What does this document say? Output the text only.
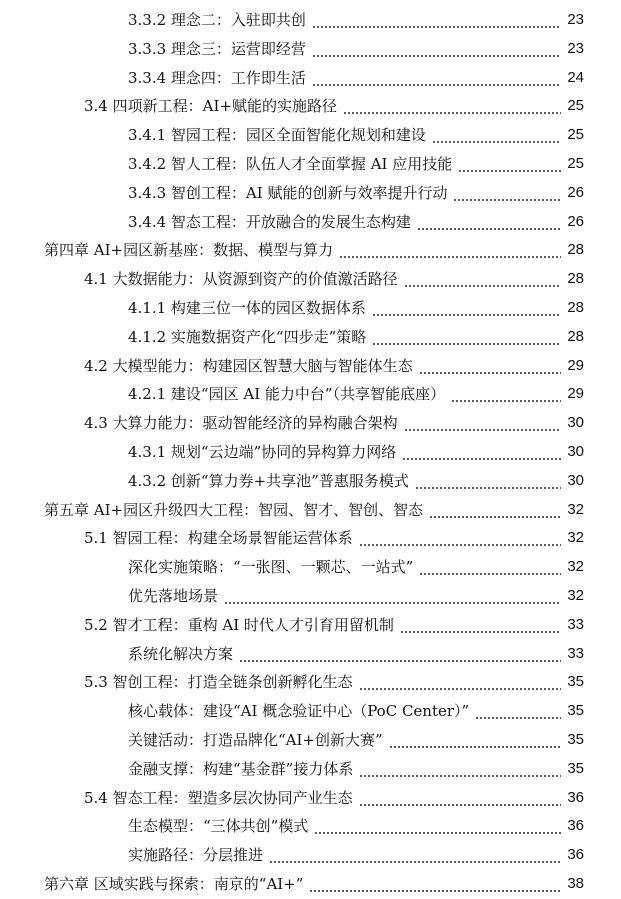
3.3.2 理念二：入驻即共创	23
3.3.3 理念三：运营即经营	23
3.3.4 理念四：工作即生活	24
3.4 四项新工程：AI+赋能的实施路径	25
3.4.1 智园工程：园区全面智能化规划和建设	25
3.4.2 智人工程：队伍人才全面掌握 AI 应用技能	25
3.4.3 智创工程：AI 赋能的创新与效率提升行动	26
3.4.4 智态工程：开放融合的发展生态构建	26
第四章 AI+园区新基座：数据、模型与算力	28
4.1 大数据能力：从资源到资产的价值激活路径	28
4.1.1 构建三位一体的园区数据体系	28
4.1.2 实施数据资产化“四步走”策略	28
4.2 大模型能力：构建园区智慧大脑与智能体生态	29
4.2.1 建设“园区 AI 能力中台”（共享智能底座）	29
4.3 大算力能力：驱动智能经济的异构融合架构	30
4.3.1 规划“云边端”协同的异构算力网络	30
4.3.2 创新“算力券+共享池”普惠服务模式	30
第五章 AI+园区升级四大工程：智园、智才、智创、智态	32
5.1 智园工程：构建全场景智能运营体系	32
深化实施策略：“一张图、一颗芯、一站式”	32
优先落地场景	32
5.2 智才工程：重构 AI 时代人才引育用留机制	33
系统化解决方案	33
5.3 智创工程：打造全链条创新孵化生态	35
核心载体：建设“AI 概念验证中心（PoC Center）”	35
关键活动：打造品牌化“AI+创新大赛”	35
金融支撑：构建“基金群”接力体系	35
5.4 智态工程：塑造多层次协同产业生态	36
生态模型：“三体共创”模式	36
实施路径：分层推进	36
第六章 区域实践与探索：南京的“AI+”	38
